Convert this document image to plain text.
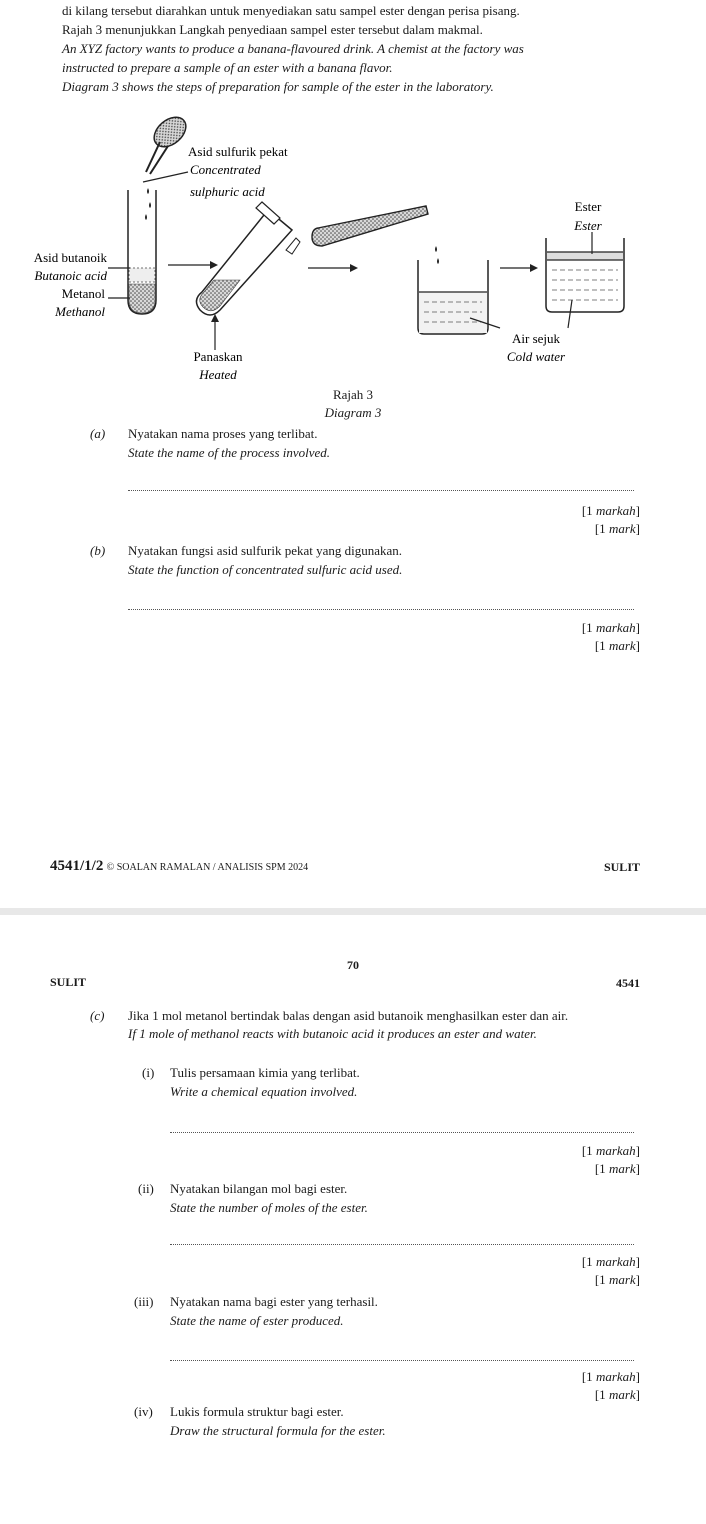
di kilang tersebut diarahkan untuk menyediakan satu sampel ester dengan perisa pisang.
Rajah 3 menunjukkan Langkah penyediaan sampel ester tersebut dalam makmal.
An XYZ factory wants to produce a banana-flavoured drink. A chemist at the factory was
instructed to prepare a sample of an ester with a banana flavor.
Diagram 3 shows the steps of preparation for sample of the ester in the laboratory.
Asid sulfurik pekat
Concentrated
sulphuric acid
Asid butanoik
Butanoic acid
Metanol
Methanol
Panaskan
Heated
Ester
Ester
Air sejuk
Cold water
Rajah 3
Diagram 3
(a) Nyatakan nama proses yang terlibat.
State the name of the process involved.
[1 markah]
[1 mark]
(b) Nyatakan fungsi asid sulfurik pekat yang digunakan.
State the function of concentrated sulfuric acid used.
[1 markah]
[1 mark]
4541/1/2 © SOALAN RAMALAN / ANALISIS SPM 2024	SULIT
70
SULIT	4541
(c) Jika 1 mol metanol bertindak balas dengan asid butanoik menghasilkan ester dan air.
If 1 mole of methanol reacts with butanoic acid it produces an ester and water.
(i) Tulis persamaan kimia yang terlibat.
Write a chemical equation involved.
[1 markah]
[1 mark]
(ii) Nyatakan bilangan mol bagi ester.
State the number of moles of the ester.
[1 markah]
[1 mark]
(iii) Nyatakan nama bagi ester yang terhasil.
State the name of ester produced.
[1 markah]
[1 mark]
(iv) Lukis formula struktur bagi ester.
Draw the structural formula for the ester.
